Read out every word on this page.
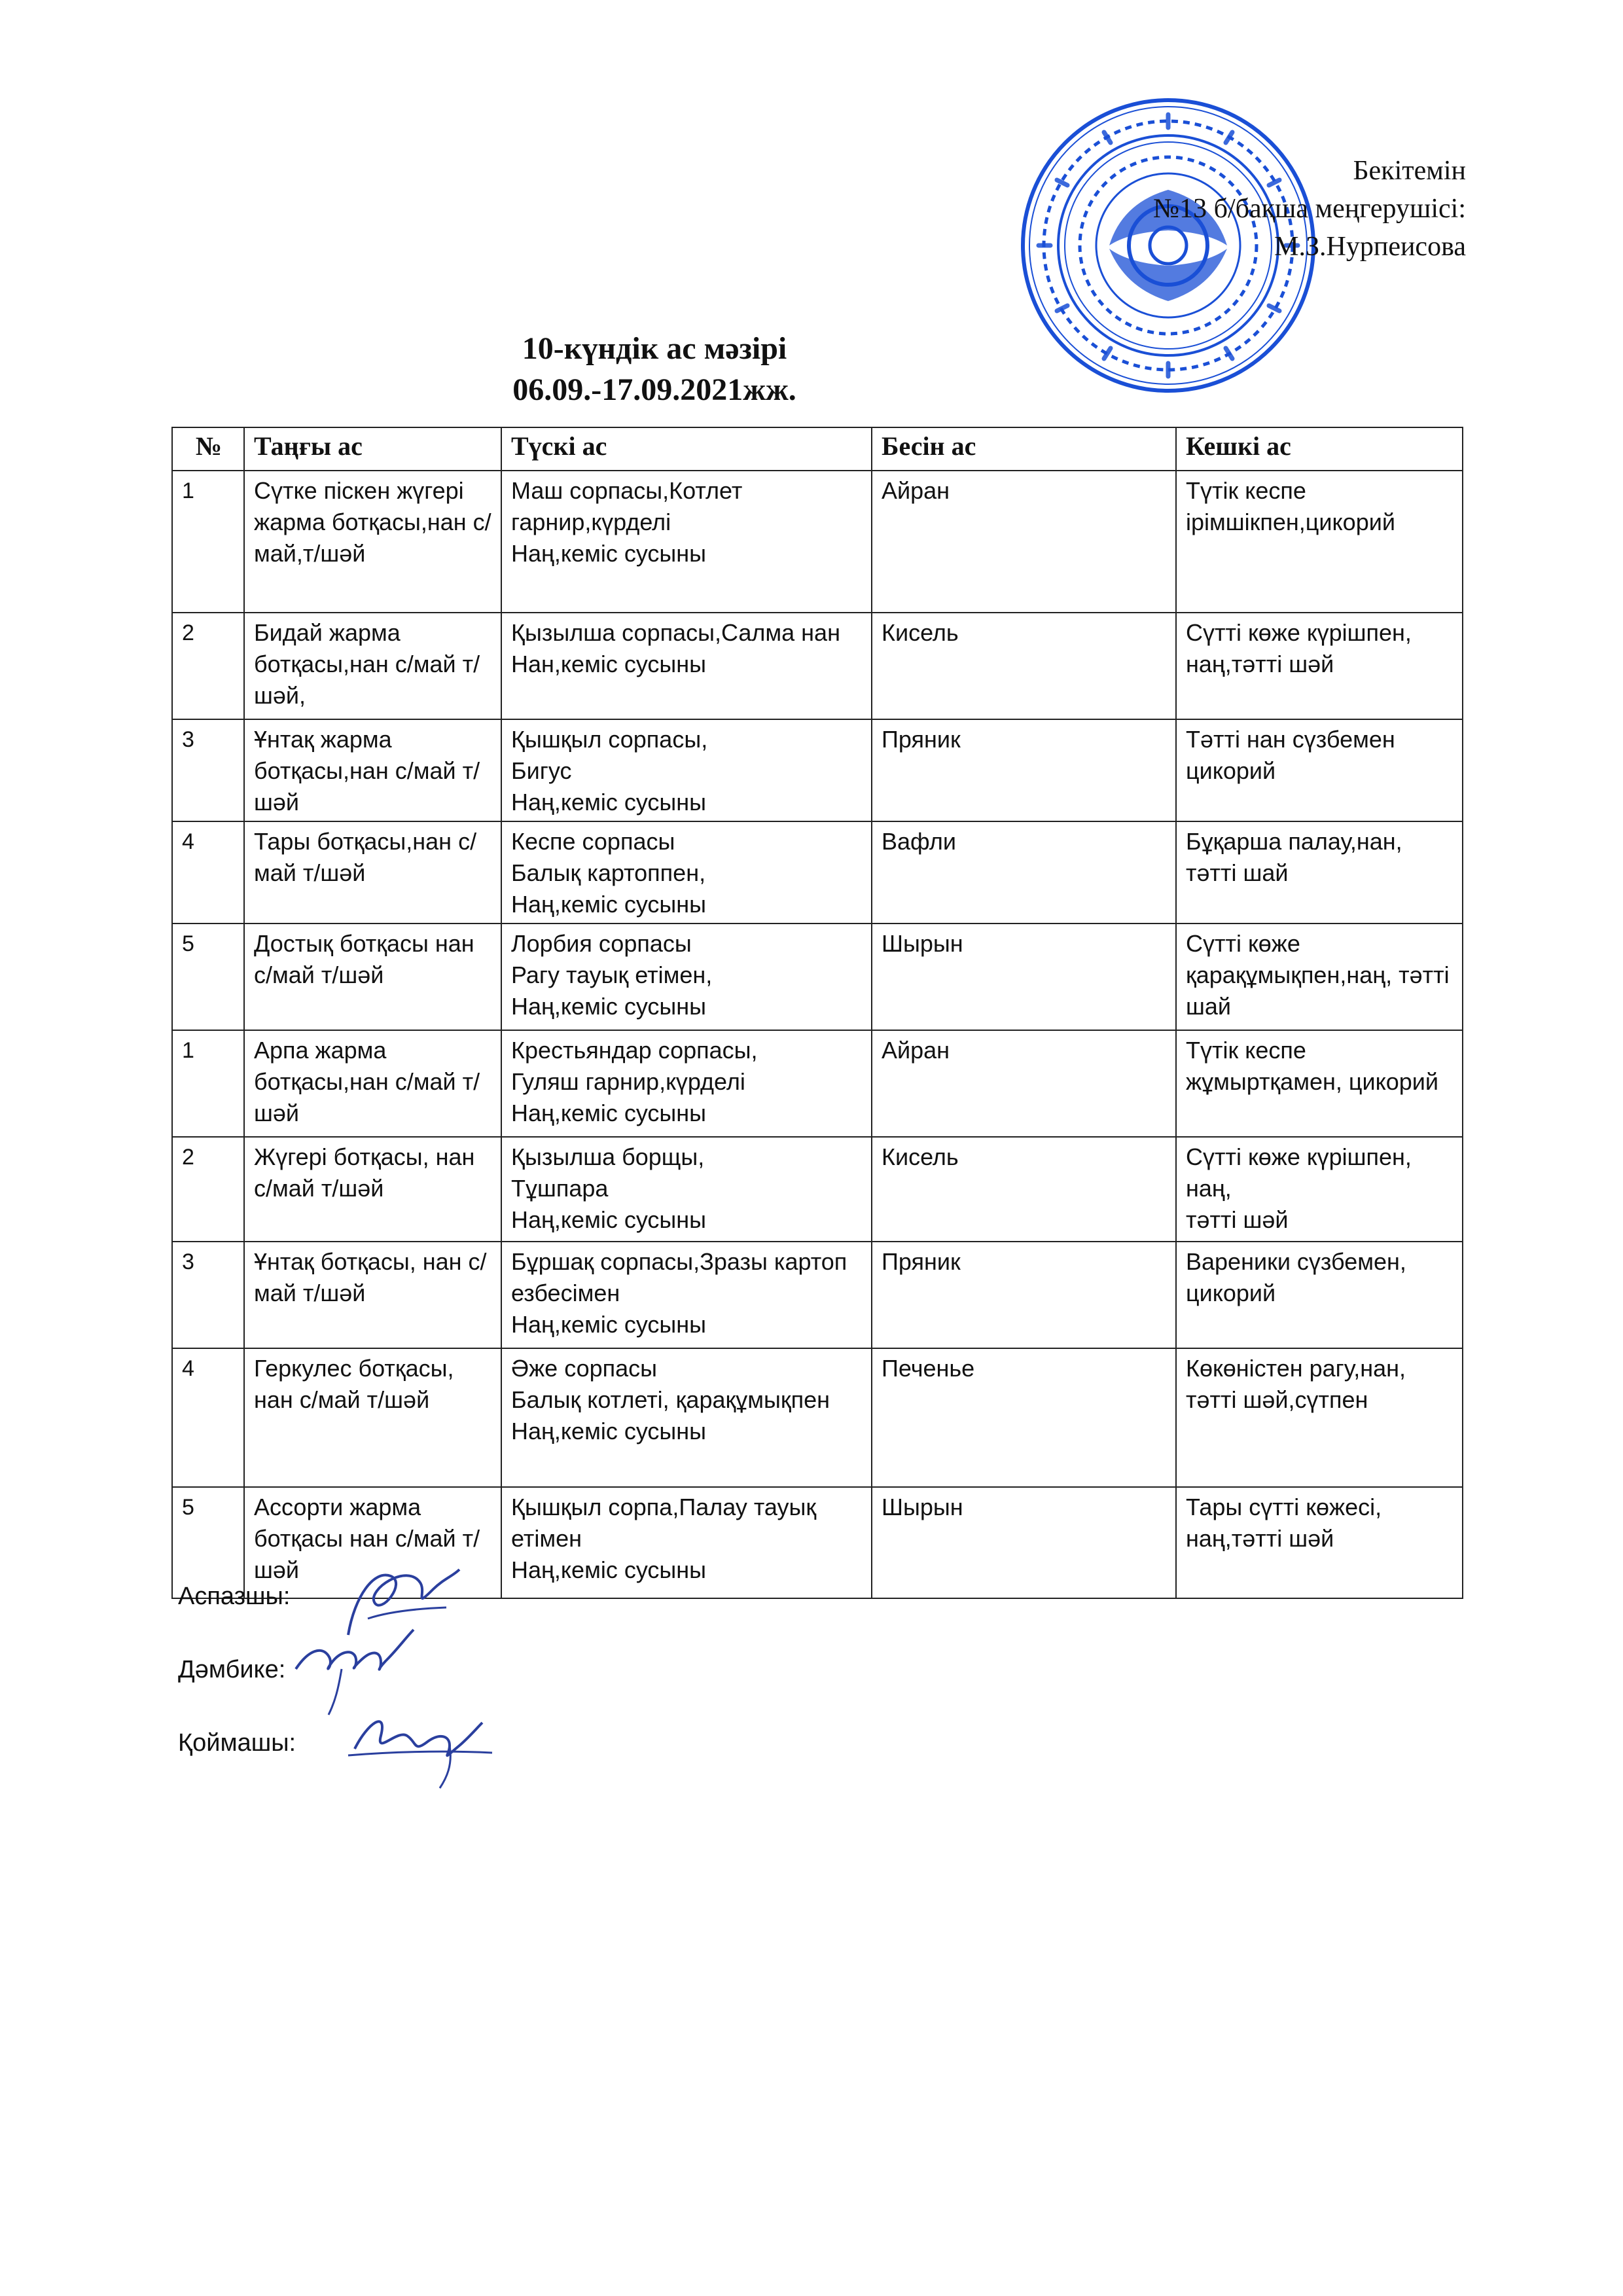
Бекітемін
№13 б/бақша меңгерушісі:
М.З.Нурпеисова
10-күндік ас мәзірі
06.09.-17.09.2021жж.
№	Таңғы ас	Түскі ас	Бесін ас	Кешкі ас
1	Сүтке піскен жүгері жарма ботқасы,нан с/май,т/шәй	Маш сорпасы,Котлет
гарнир,күрделі
Наң,кеміс сусыны	Айран	Түтік кеспе ірімшікпен,цикорий
2	Бидай жарма ботқасы,нан с/май т/шәй,	Қызылша сорпасы,Салма нан
Нан,кеміс сусыны	Кисель	Сүтті көже күрішпен, наң,тәтті шәй
3	Ұнтақ жарма ботқасы,нан с/май т/шәй	Қышқыл сорпасы,
Бигус
Наң,кеміс сусыны	Пряник	Тәтті нан сүзбемен цикорий
4	Тары ботқасы,нан с/май т/шәй	Кеспе сорпасы
Балық картоппен,
Наң,кеміс сусыны	Вафли	Бұқарша палау,нан, тәтті шай
5	Достық ботқасы нан с/май т/шәй	Лорбия сорпасы
Рагу тауық етімен,
Наң,кеміс сусыны	Шырын	Сүтті көже қарақұмықпен,наң, тәтті шай
1	Арпа жарма ботқасы,нан с/май т/шәй	Крестьяндар сорпасы,
Гуляш гарнир,күрделі
Наң,кеміс сусыны	Айран	Түтік кеспе жұмыртқамен, цикорий
2	Жүгері ботқасы, нан с/май т/шәй	Қызылша борщы,
Тұшпара
Наң,кеміс сусыны	Кисель	Сүтті көже күрішпен, наң,
тәтті шәй
3	Ұнтақ ботқасы, нан с/май т/шәй	Бұршақ сорпасы,Зразы картоп езбесімен
Наң,кеміс сусыны	Пряник	Вареники сүзбемен, цикорий
4	Геркулес ботқасы, нан с/май т/шәй	Әже сорпасы
Балық котлеті, қарақұмықпен
Наң,кеміс сусыны	Печенье	Көкөністен рагу,нан, тәтті шәй,сүтпен
5	Ассорти жарма ботқасы нан с/май т/шәй	Қышқыл сорпа,Палау тауық етімен
Наң,кеміс сусыны	Шырын	Тары сүтті көжесі, наң,тәтті шәй
Аспазшы:
Дәмбике:
Қоймашы:
